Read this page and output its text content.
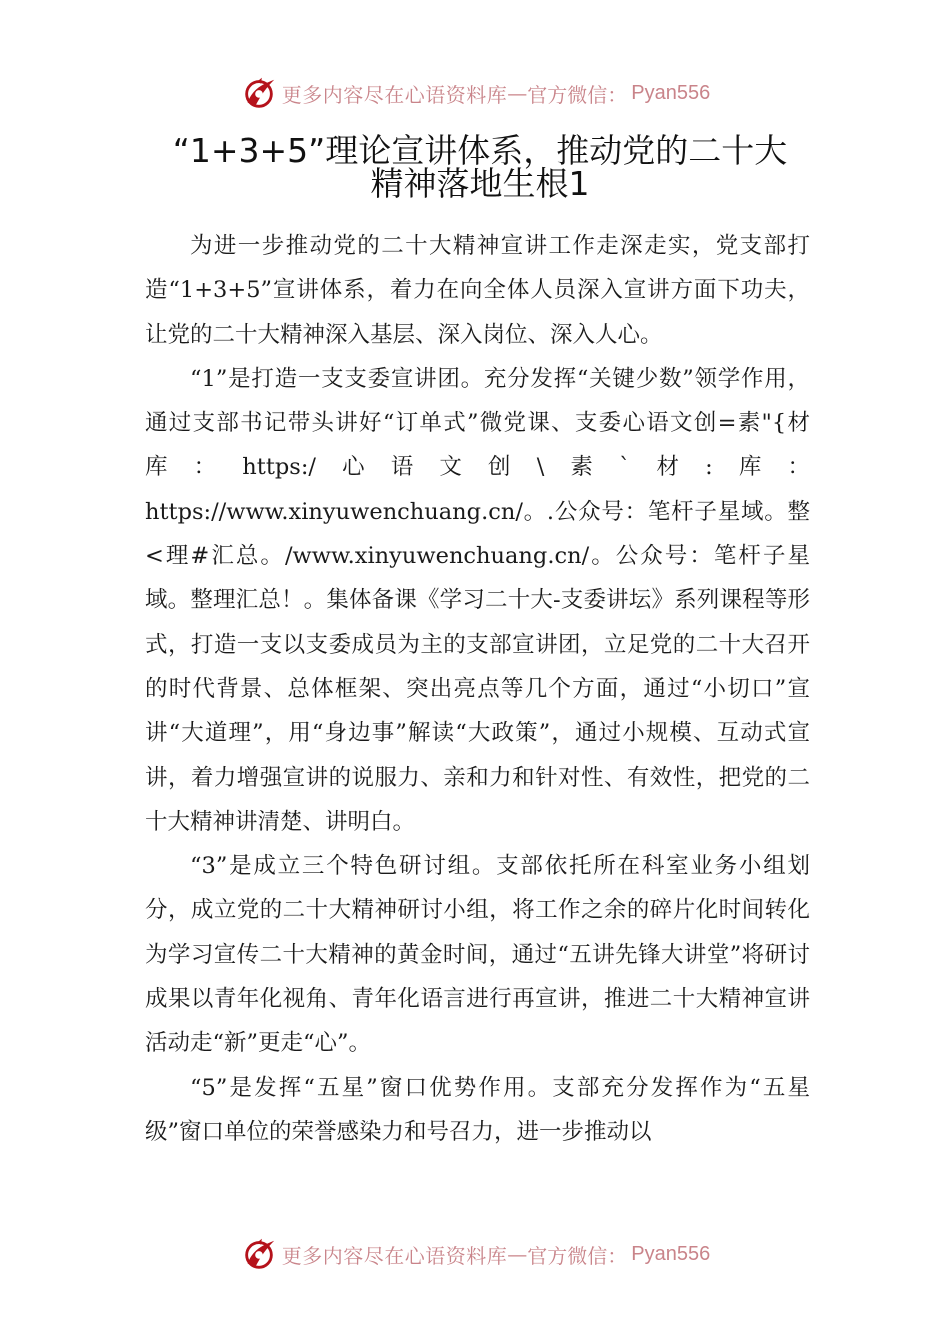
更多内容尽在心语资料库 — 官方微信： Pyan556
“1+3+5”理论宣讲体系，推动党的二十大
精神落地生根1

为进一步推动党的二十大精神宣讲工作走深走实，党支部打造“1+3+5”宣讲体系，着力在向全体人员深入宣讲方面下功夫，让党的二十大精神深入基层、深入岗位、深入人心。

“1”是打造一支支委宣讲团。充分发挥“关键少数”领学作用，通过支部书记带头讲好“订单式”微党课、支委心语文创=素"{材库：https:/心语文创\素`材:库：https://www.xinyuwenchuang.cn/。.公众号：笔杆子星域。整<理#汇总。/www.xinyuwenchuang.cn/。公众号：笔杆子星域。整理汇总！。集体备课《学习二十大-支委讲坛》系列课程等形式，打造一支以支委成员为主的支部宣讲团，立足党的二十大召开的时代背景、总体框架、突出亮点等几个方面，通过“小切口”宣讲“大道理”，用“身边事”解读“大政策”，通过小规模、互动式宣讲，着力增强宣讲的说服力、亲和力和针对性、有效性，把党的二十大精神讲清楚、讲明白。

“3”是成立三个特色研讨组。支部依托所在科室业务小组划分，成立党的二十大精神研讨小组，将工作之余的碎片化时间转化为学习宣传二十大精神的黄金时间，通过“五讲先锋大讲堂”将研讨成果以青年化视角、青年化语言进行再宣讲，推进二十大精神宣讲活动走“新”更走“心”。

“5”是发挥“五星”窗口优势作用。支部充分发挥作为“五星级”窗口单位的荣誉感染力和号召力，进一步推动以

更多内容尽在心语资料库 — 官方微信： Pyan556
